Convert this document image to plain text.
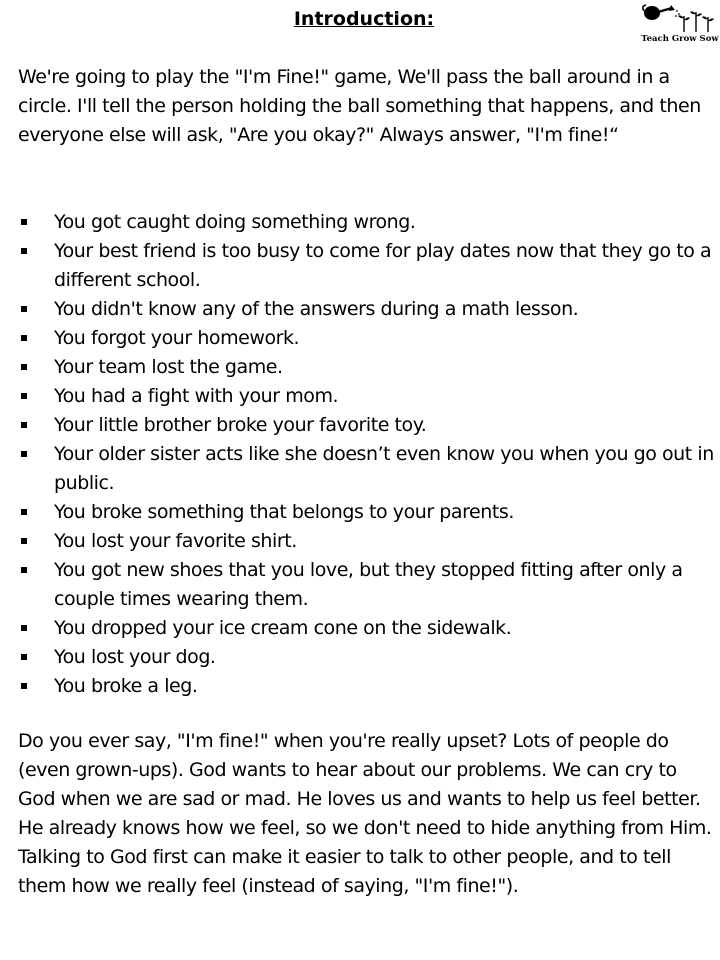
Introduction:
Teach Grow Sow

We're going to play the "I'm Fine!" game, We'll pass the ball around in a circle. I'll tell the person holding the ball something that happens, and then everyone else will ask, "Are you okay?" Always answer, "I'm fine!“

You got caught doing something wrong.
Your best friend is too busy to come for play dates now that they go to a different school.
You didn't know any of the answers during a math lesson.
You forgot your homework.
Your team lost the game.
You had a fight with your mom.
Your little brother broke your favorite toy.
Your older sister acts like she doesn’t even know you when you go out in public.
You broke something that belongs to your parents.
You lost your favorite shirt.
You got new shoes that you love, but they stopped fitting after only a couple times wearing them.
You dropped your ice cream cone on the sidewalk.
You lost your dog.
You broke a leg.

Do you ever say, "I'm fine!" when you're really upset? Lots of people do (even grown-ups). God wants to hear about our problems. We can cry to God when we are sad or mad. He loves us and wants to help us feel better. He already knows how we feel, so we don't need to hide anything from Him. Talking to God first can make it easier to talk to other people, and to tell them how we really feel (instead of saying, "I'm fine!").
